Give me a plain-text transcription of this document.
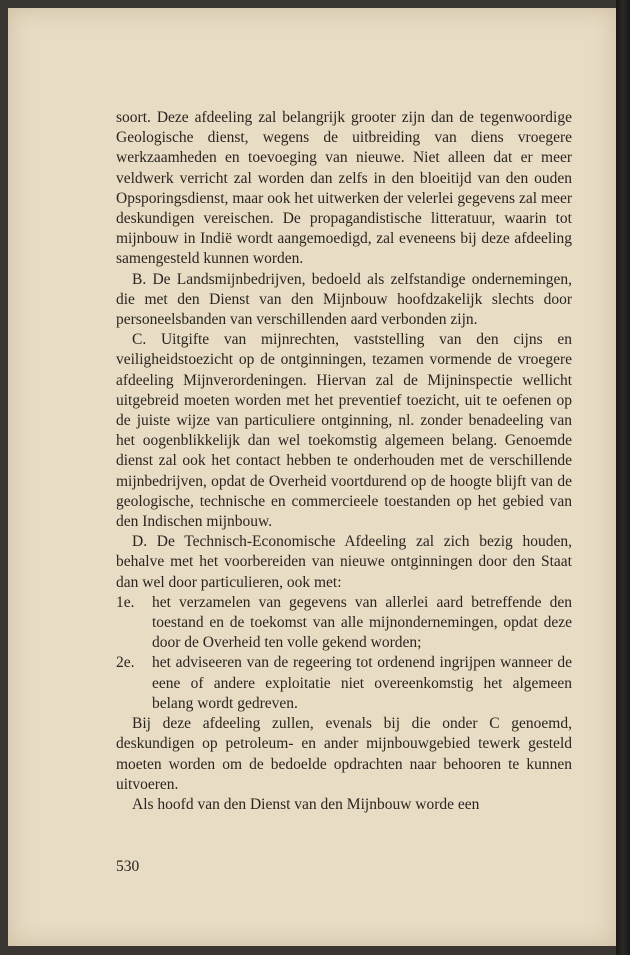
soort. Deze afdeeling zal belangrijk grooter zijn dan de tegenwoordige Geologische dienst, wegens de uitbreiding van diens vroegere werkzaamheden en toevoeging van nieuwe. Niet alleen dat er meer veldwerk verricht zal worden dan zelfs in den bloeitijd van den ouden Opsporingsdienst, maar ook het uitwerken der velerlei gegevens zal meer deskundigen vereischen. De propagandistische litteratuur, waarin tot mijnbouw in Indië wordt aangemoedigd, zal eveneens bij deze afdeeling samengesteld kunnen worden.

B. De Landsmijnbedrijven, bedoeld als zelfstandige ondernemingen, die met den Dienst van den Mijnbouw hoofdzakelijk slechts door personeelsbanden van verschillenden aard verbonden zijn.

C. Uitgifte van mijnrechten, vaststelling van den cijns en veiligheidstoezicht op de ontginningen, tezamen vormende de vroegere afdeeling Mijnverordeningen. Hiervan zal de Mijninspectie wellicht uitgebreid moeten worden met het preventief toezicht, uit te oefenen op de juiste wijze van particuliere ontginning, nl. zonder benadeeling van het oogenblikkelijk dan wel toekomstig algemeen belang. Genoemde dienst zal ook het contact hebben te onderhouden met de verschillende mijnbedrijven, opdat de Overheid voortdurend op de hoogte blijft van de geologische, technische en commercieele toestanden op het gebied van den Indischen mijnbouw.

D. De Technisch-Economische Afdeeling zal zich bezig houden, behalve met het voorbereiden van nieuwe ontginningen door den Staat dan wel door particulieren, ook met:

1e. het verzamelen van gegevens van allerlei aard betreffende den toestand en de toekomst van alle mijnondernemingen, opdat deze door de Overheid ten volle gekend worden;
2e. het adviseeren van de regeering tot ordenend ingrijpen wanneer de eene of andere exploitatie niet overeenkomstig het algemeen belang wordt gedreven.

Bij deze afdeeling zullen, evenals bij die onder C genoemd, deskundigen op petroleum- en ander mijnbouwgebied tewerk gesteld moeten worden om de bedoelde opdrachten naar behooren te kunnen uitvoeren.

Als hoofd van den Dienst van den Mijnbouw worde een

530
